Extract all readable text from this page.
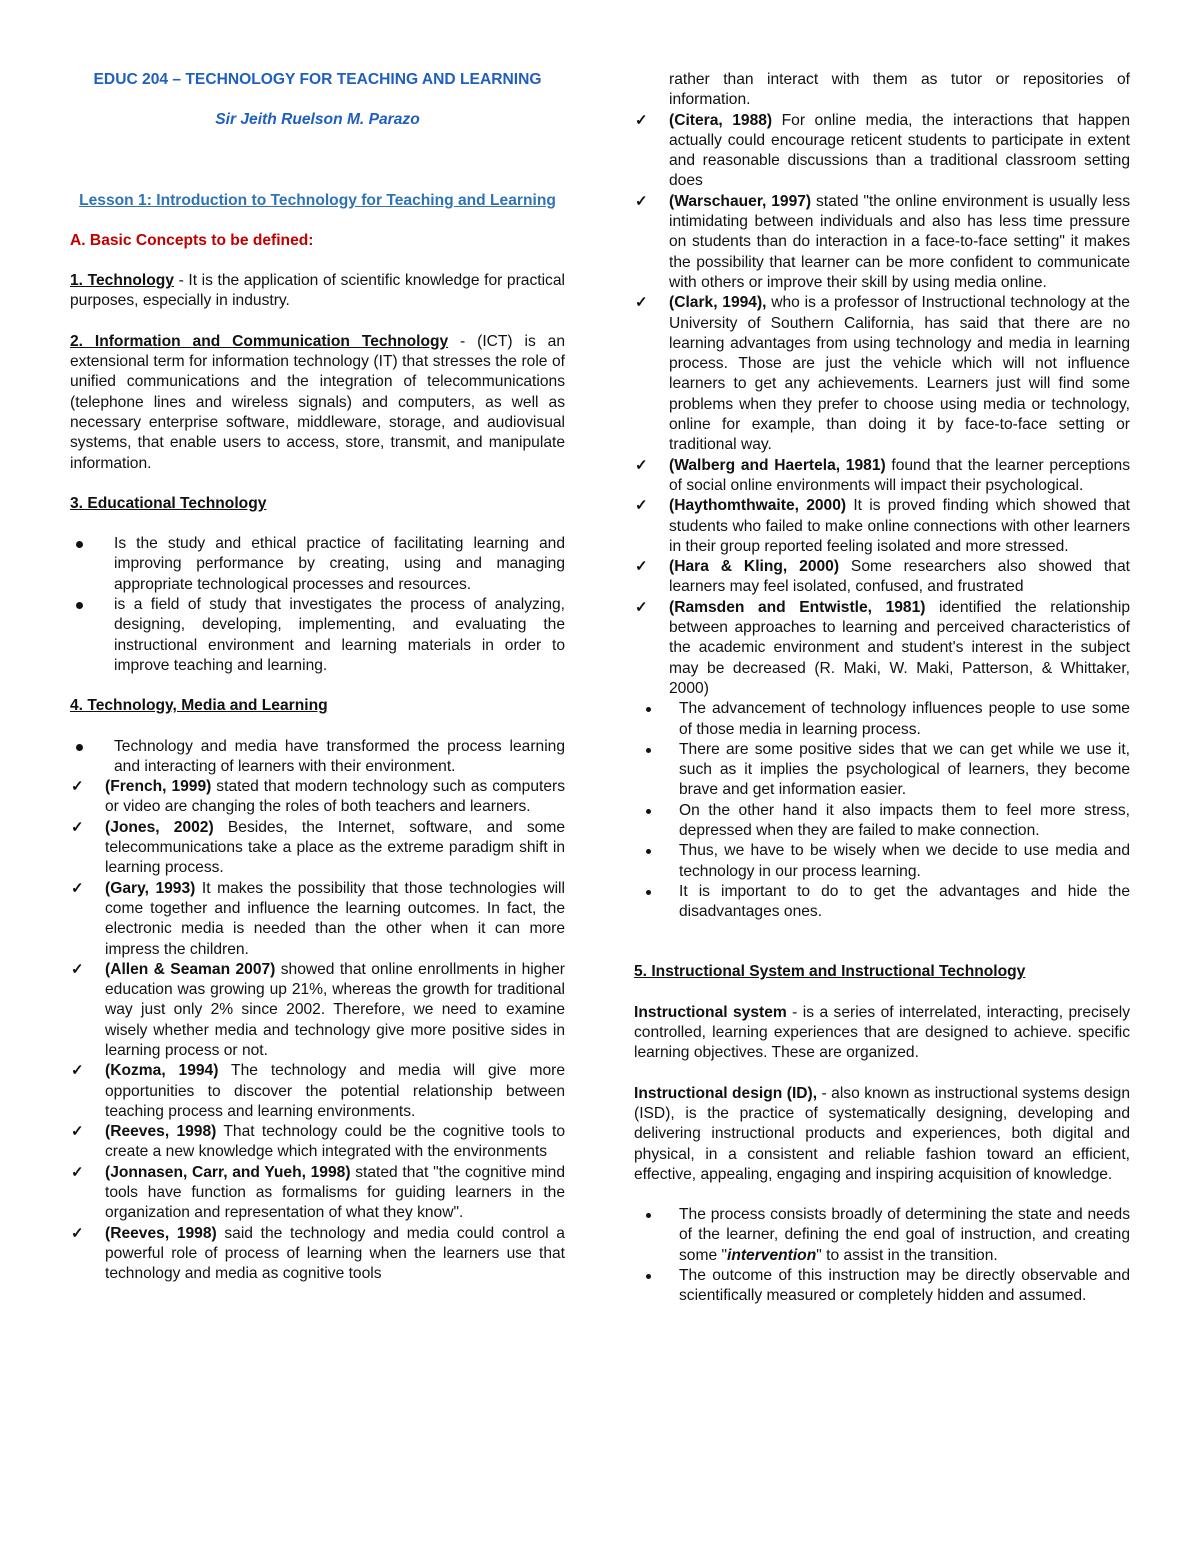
EDUC 204 – TECHNOLOGY FOR TEACHING AND LEARNING

Sir Jeith Ruelson M. Parazo

Lesson 1: Introduction to Technology for Teaching and Learning

A. Basic Concepts to be defined:

1. Technology - It is the application of scientific knowledge for practical purposes, especially in industry.

2. Information and Communication Technology - (ICT) is an extensional term for information technology (IT) that stresses the role of unified communications and the integration of telecommunications (telephone lines and wireless signals) and computers, as well as necessary enterprise software, middleware, storage, and audiovisual systems, that enable users to access, store, transmit, and manipulate information.

3. Educational Technology

Is the study and ethical practice of facilitating learning and improving performance by creating, using and managing appropriate technological processes and resources.
is a field of study that investigates the process of analyzing, designing, developing, implementing, and evaluating the instructional environment and learning materials in order to improve teaching and learning.

4. Technology, Media and Learning

Technology and media have transformed the process learning and interacting of learners with their environment.
✓ (French, 1999) stated that modern technology such as computers or video are changing the roles of both teachers and learners.
✓ (Jones, 2002) Besides, the Internet, software, and some telecommunications take a place as the extreme paradigm shift in learning process.
✓ (Gary, 1993) It makes the possibility that those technologies will come together and influence the learning outcomes. In fact, the electronic media is needed than the other when it can more impress the children.
✓ (Allen & Seaman 2007) showed that online enrollments in higher education was growing up 21%, whereas the growth for traditional way just only 2% since 2002. Therefore, we need to examine wisely whether media and technology give more positive sides in learning process or not.
✓ (Kozma, 1994) The technology and media will give more opportunities to discover the potential relationship between teaching process and learning environments.
✓ (Reeves, 1998) That technology could be the cognitive tools to create a new knowledge which integrated with the environments
✓ (Jonnasen, Carr, and Yueh, 1998) stated that "the cognitive mind tools have function as formalisms for guiding learners in the organization and representation of what they know".
✓ (Reeves, 1998) said the technology and media could control a powerful role of process of learning when the learners use that technology and media as cognitive tools
rather than interact with them as tutor or repositories of information.
✓ (Citera, 1988) For online media, the interactions that happen actually could encourage reticent students to participate in extent and reasonable discussions than a traditional classroom setting does
✓ (Warschauer, 1997) stated "the online environment is usually less intimidating between individuals and also has less time pressure on students than do interaction in a face-to-face setting" it makes the possibility that learner can be more confident to communicate with others or improve their skill by using media online.
✓ (Clark, 1994), who is a professor of Instructional technology at the University of Southern California, has said that there are no learning advantages from using technology and media in learning process. Those are just the vehicle which will not influence learners to get any achievements. Learners just will find some problems when they prefer to choose using media or technology, online for example, than doing it by face-to-face setting or traditional way.
✓ (Walberg and Haertela, 1981) found that the learner perceptions of social online environments will impact their psychological.
✓ (Haythomthwaite, 2000) It is proved finding which showed that students who failed to make online connections with other learners in their group reported feeling isolated and more stressed.
✓ (Hara & Kling, 2000) Some researchers also showed that learners may feel isolated, confused, and frustrated
✓ (Ramsden and Entwistle, 1981) identified the relationship between approaches to learning and perceived characteristics of the academic environment and student's interest in the subject may be decreased (R. Maki, W. Maki, Patterson, & Whittaker, 2000)
The advancement of technology influences people to use some of those media in learning process.
There are some positive sides that we can get while we use it, such as it implies the psychological of learners, they become brave and get information easier.
On the other hand it also impacts them to feel more stress, depressed when they are failed to make connection.
Thus, we have to be wisely when we decide to use media and technology in our process learning.
It is important to do to get the advantages and hide the disadvantages ones.

5. Instructional System and Instructional Technology

Instructional system - is a series of interrelated, interacting, precisely controlled, learning experiences that are designed to achieve. specific learning objectives. These are organized.

Instructional design (ID), - also known as instructional systems design (ISD), is the practice of systematically designing, developing and delivering instructional products and experiences, both digital and physical, in a consistent and reliable fashion toward an efficient, effective, appealing, engaging and inspiring acquisition of knowledge.

The process consists broadly of determining the state and needs of the learner, defining the end goal of instruction, and creating some "intervention" to assist in the transition.
The outcome of this instruction may be directly observable and scientifically measured or completely hidden and assumed.
